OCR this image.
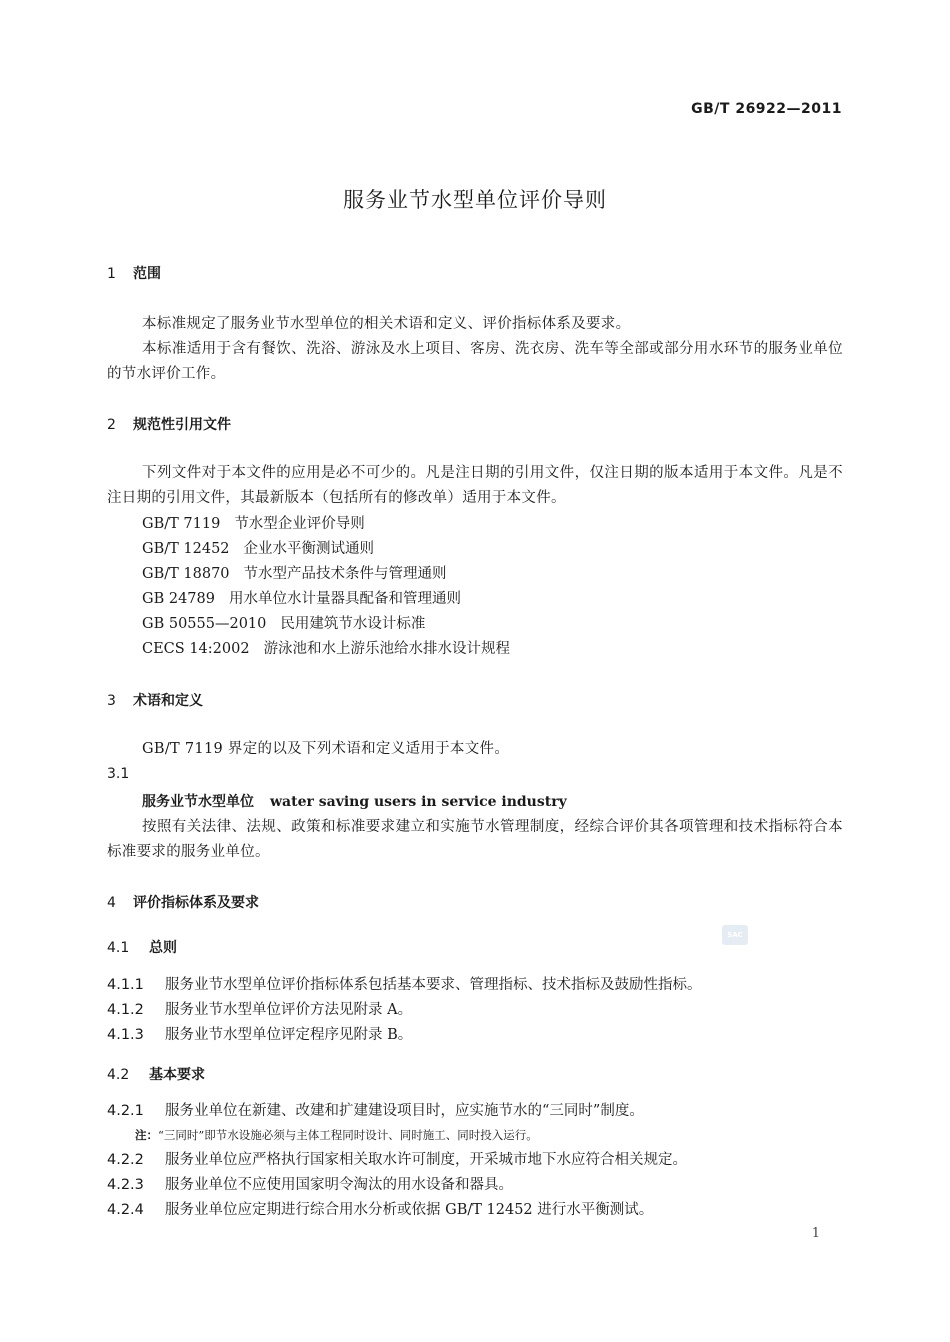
GB/T 26922—2011
服务业节水型单位评价导则
1 范围
本标准规定了服务业节水型单位的相关术语和定义、评价指标体系及要求。
本标准适用于含有餐饮、洗浴、游泳及水上项目、客房、洗衣房、洗车等全部或部分用水环节的服务业单位的节水评价工作。
2 规范性引用文件
下列文件对于本文件的应用是必不可少的。凡是注日期的引用文件，仅注日期的版本适用于本文件。凡是不注日期的引用文件，其最新版本（包括所有的修改单）适用于本文件。
GB/T 7119 节水型企业评价导则
GB/T 12452 企业水平衡测试通则
GB/T 18870 节水型产品技术条件与管理通则
GB 24789 用水单位水计量器具配备和管理通则
GB 50555—2010 民用建筑节水设计标准
CECS 14:2002 游泳池和水上游乐池给水排水设计规程
3 术语和定义
GB/T 7119 界定的以及下列术语和定义适用于本文件。
3.1
服务业节水型单位 water saving users in service industry
按照有关法律、法规、政策和标准要求建立和实施节水管理制度，经综合评价其各项管理和技术指标符合本标准要求的服务业单位。
4 评价指标体系及要求
4.1 总则
4.1.1 服务业节水型单位评价指标体系包括基本要求、管理指标、技术指标及鼓励性指标。
4.1.2 服务业节水型单位评价方法见附录 A。
4.1.3 服务业节水型单位评定程序见附录 B。
4.2 基本要求
4.2.1 服务业单位在新建、改建和扩建建设项目时，应实施节水的“三同时”制度。
注：“三同时”即节水设施必须与主体工程同时设计、同时施工、同时投入运行。
4.2.2 服务业单位应严格执行国家相关取水许可制度，开采城市地下水应符合相关规定。
4.2.3 服务业单位不应使用国家明令淘汰的用水设备和器具。
4.2.4 服务业单位应定期进行综合用水分析或依据 GB/T 12452 进行水平衡测试。
SAC
1
